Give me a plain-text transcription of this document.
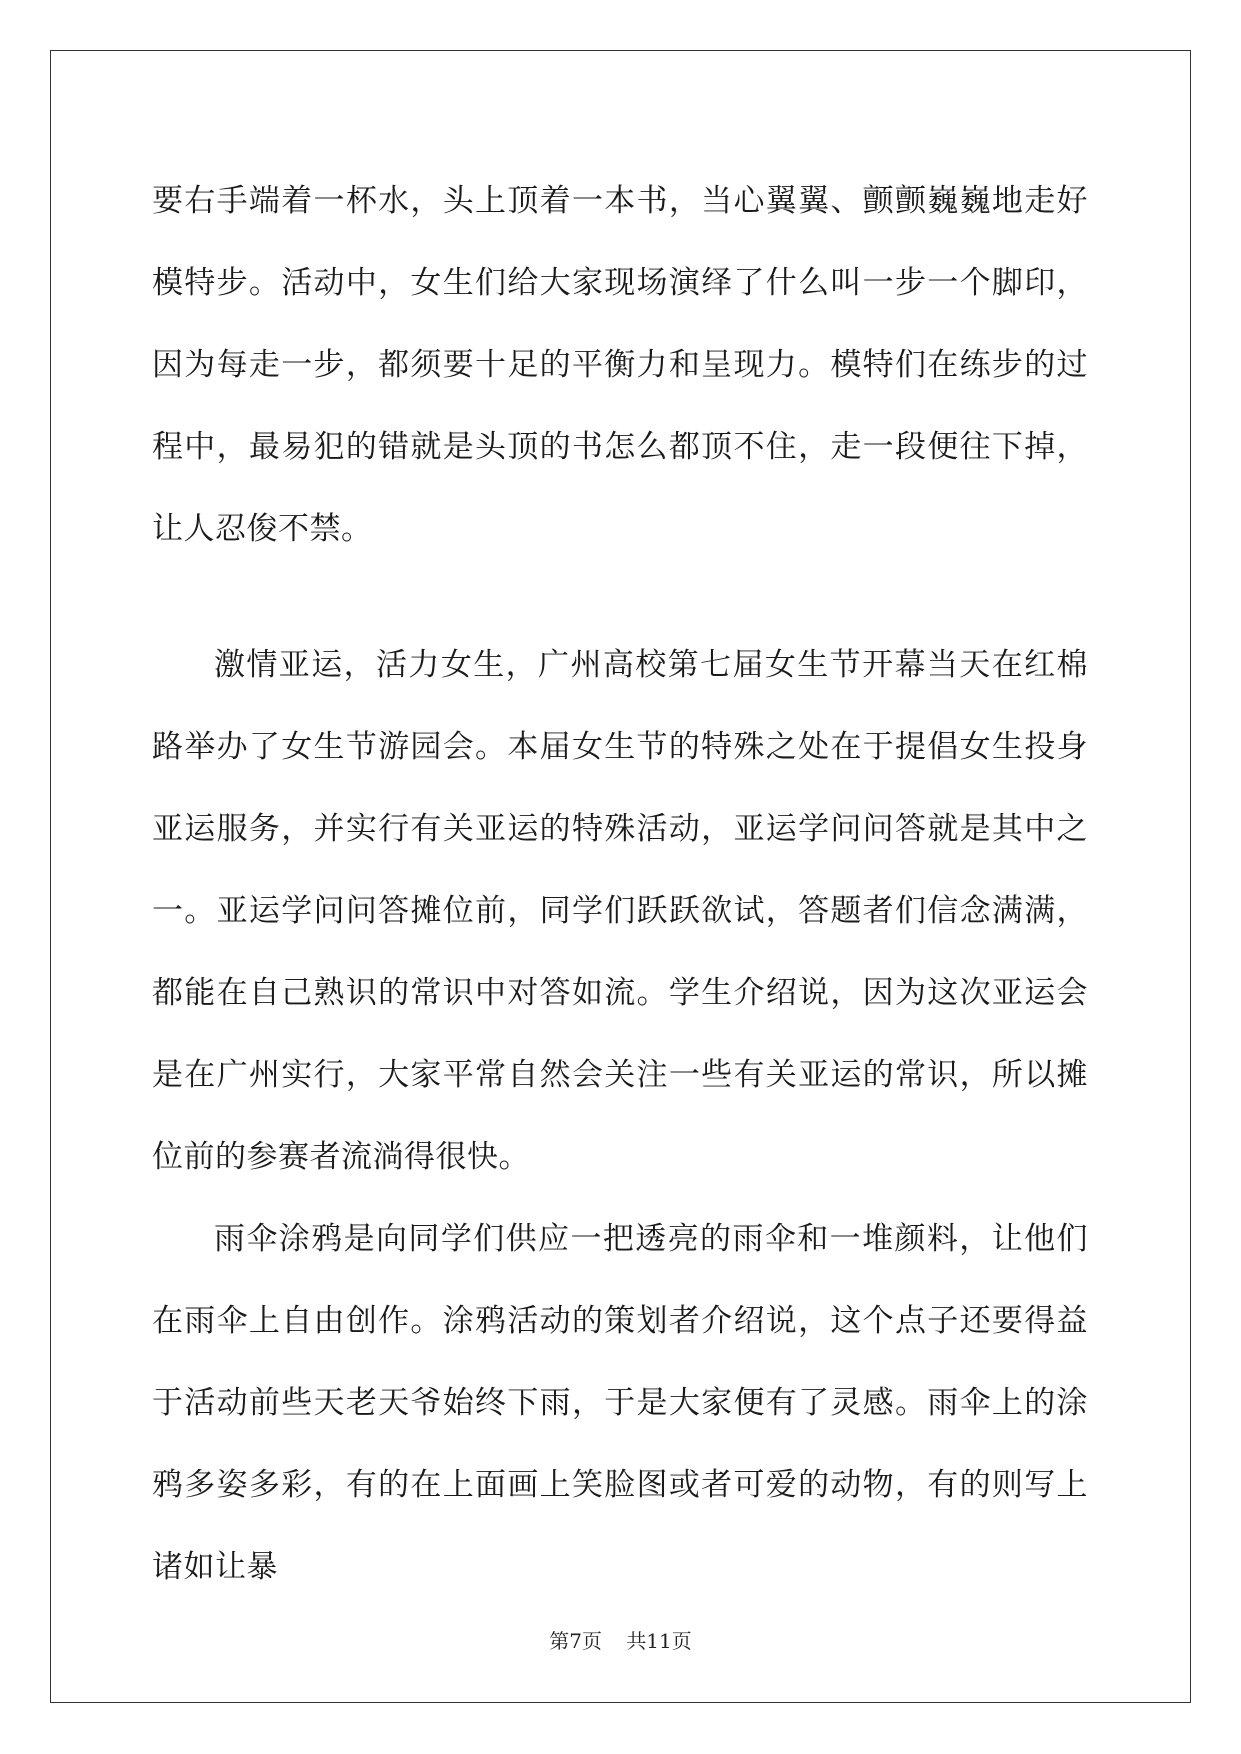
要右手端着一杯水，头上顶着一本书，当心翼翼、颤颤巍巍地走好模特步。活动中，女生们给大家现场演绎了什么叫一步一个脚印，因为每走一步，都须要十足的平衡力和呈现力。模特们在练步的过程中，最易犯的错就是头顶的书怎么都顶不住，走一段便往下掉，让人忍俊不禁。

激情亚运，活力女生，广州高校第七届女生节开幕当天在红棉路举办了女生节游园会。本届女生节的特殊之处在于提倡女生投身亚运服务，并实行有关亚运的特殊活动，亚运学问问答就是其中之一。亚运学问问答摊位前，同学们跃跃欲试，答题者们信念满满，都能在自己熟识的常识中对答如流。学生介绍说，因为这次亚运会是在广州实行，大家平常自然会关注一些有关亚运的常识，所以摊位前的参赛者流淌得很快。

雨伞涂鸦是向同学们供应一把透亮的雨伞和一堆颜料，让他们在雨伞上自由创作。涂鸦活动的策划者介绍说，这个点子还要得益于活动前些天老天爷始终下雨，于是大家便有了灵感。雨伞上的涂鸦多姿多彩，有的在上面画上笑脸图或者可爱的动物，有的则写上诸如让暴

第7页 共11页
